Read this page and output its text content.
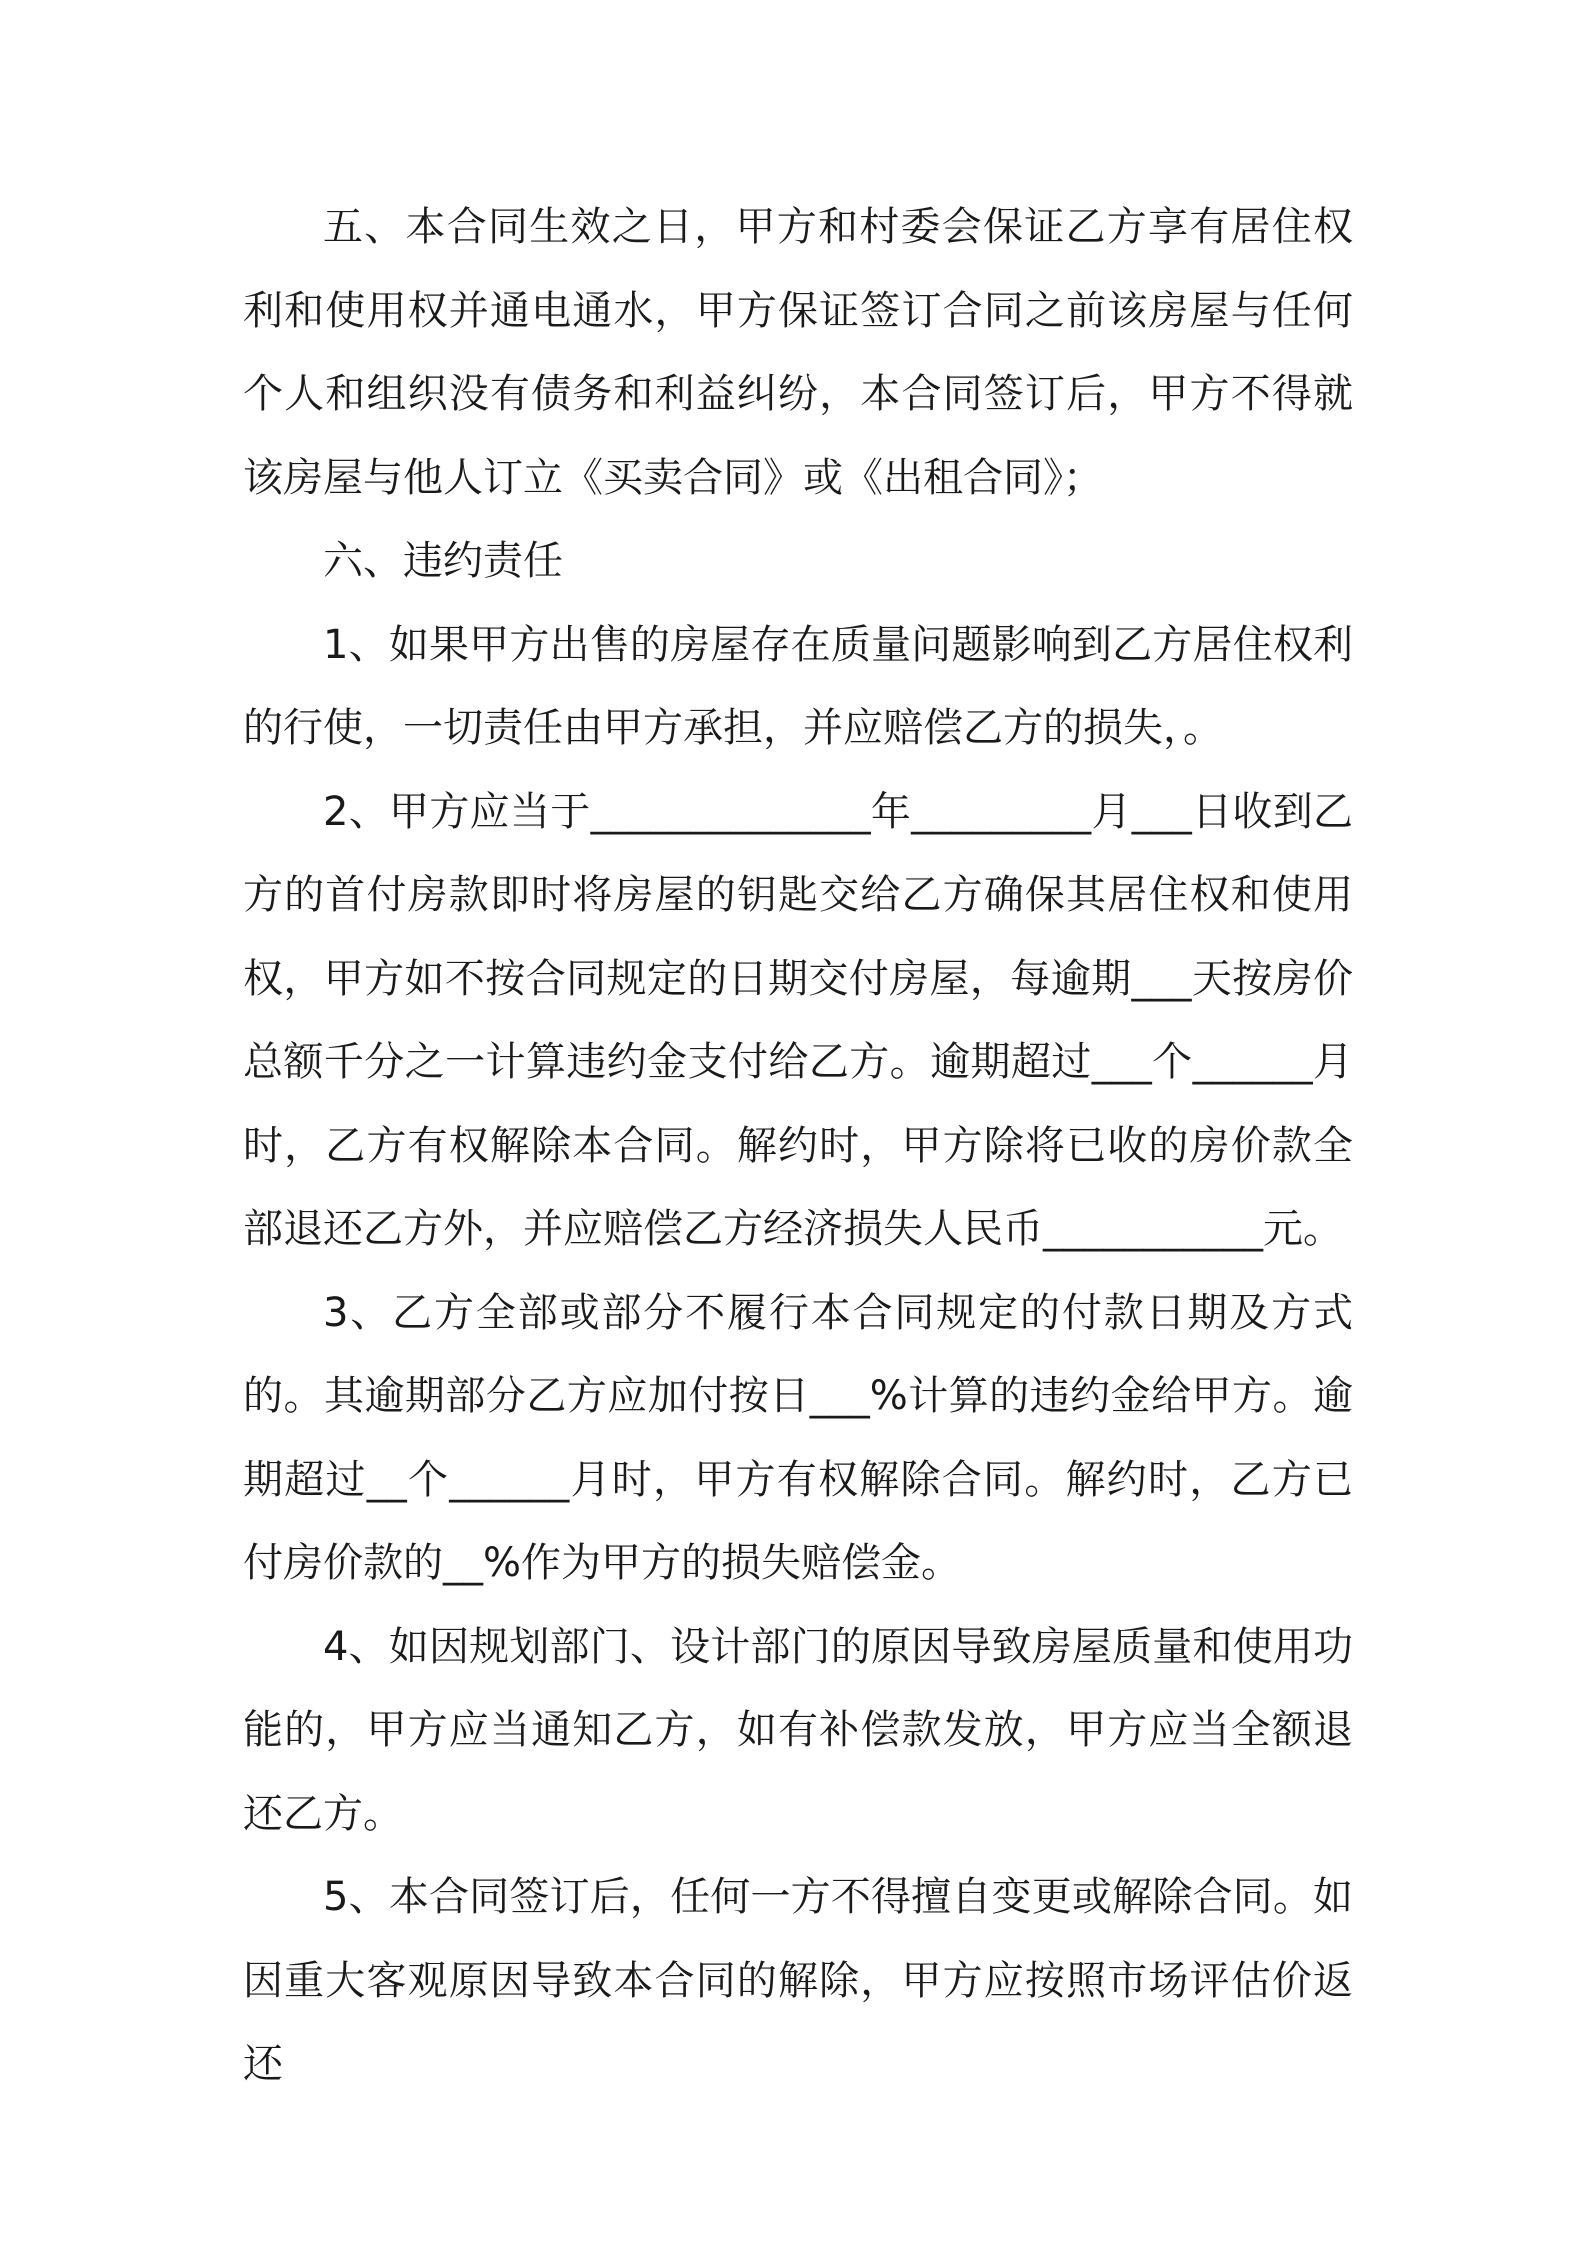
五、本合同生效之日，甲方和村委会保证乙方享有居住权利和使用权并通电通水，甲方保证签订合同之前该房屋与任何个人和组织没有债务和利益纠纷，本合同签订后，甲方不得就该房屋与他人订立《买卖合同》或《出租合同》；

六、违约责任

1、如果甲方出售的房屋存在质量问题影响到乙方居住权利的行使，一切责任由甲方承担，并应赔偿乙方的损失，。

2、甲方应当于______________年_________月___日收到乙方的首付房款即时将房屋的钥匙交给乙方确保其居住权和使用权，甲方如不按合同规定的日期交付房屋，每逾期___天按房价总额千分之一计算违约金支付给乙方。逾期超过___个______月时，乙方有权解除本合同。解约时，甲方除将已收的房价款全部退还乙方外，并应赔偿乙方经济损失人民币___________元。

3、乙方全部或部分不履行本合同规定的付款日期及方式的。其逾期部分乙方应加付按日___%计算的违约金给甲方。逾期超过__个______月时，甲方有权解除合同。解约时，乙方已付房价款的__%作为甲方的损失赔偿金。

4、如因规划部门、设计部门的原因导致房屋质量和使用功能的，甲方应当通知乙方，如有补偿款发放，甲方应当全额退还乙方。

5、本合同签订后，任何一方不得擅自变更或解除合同。如因重大客观原因导致本合同的解除，甲方应按照市场评估价返还
